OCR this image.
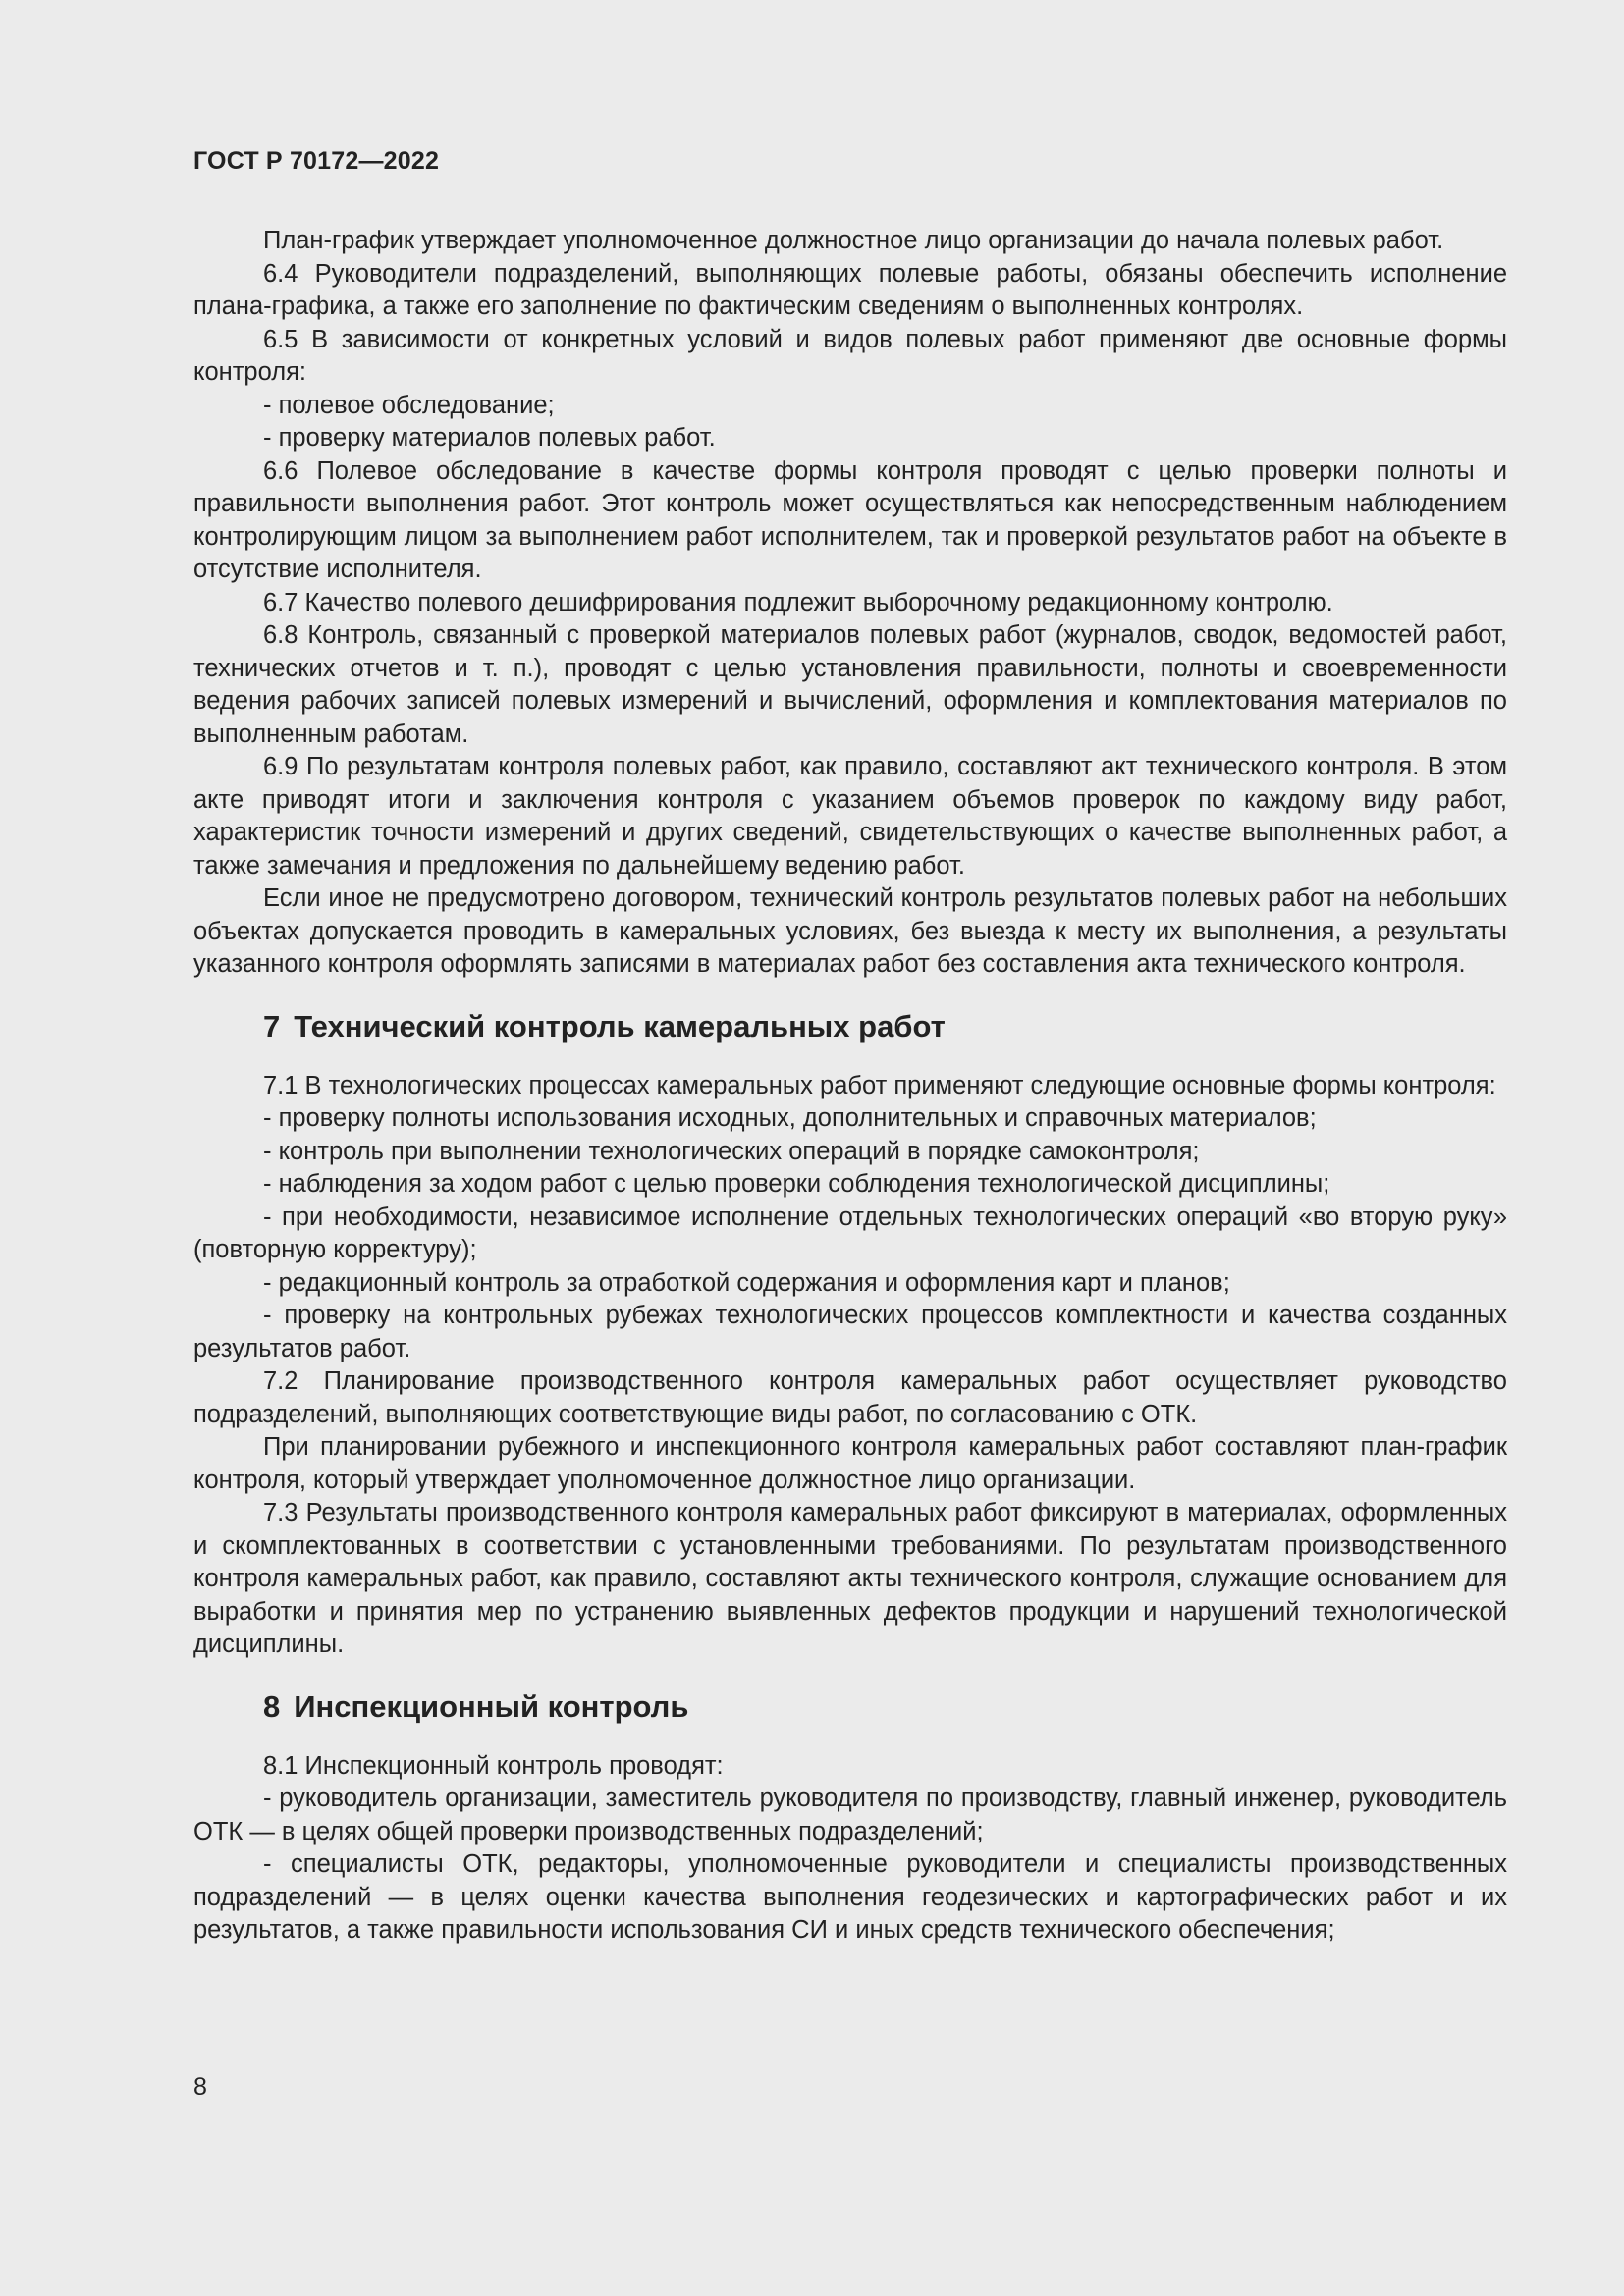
ГОСТ Р 70172—2022

План-график утверждает уполномоченное должностное лицо организации до начала полевых работ.

6.4 Руководители подразделений, выполняющих полевые работы, обязаны обеспечить исполнение плана-графика, а также его заполнение по фактическим сведениям о выполненных контролях.

6.5 В зависимости от конкретных условий и видов полевых работ применяют две основные формы контроля:

- полевое обследование;

- проверку материалов полевых работ.

6.6 Полевое обследование в качестве формы контроля проводят с целью проверки полноты и правильности выполнения работ. Этот контроль может осуществляться как непосредственным наблюдением контролирующим лицом за выполнением работ исполнителем, так и проверкой результатов работ на объекте в отсутствие исполнителя.

6.7 Качество полевого дешифрирования подлежит выборочному редакционному контролю.

6.8 Контроль, связанный с проверкой материалов полевых работ (журналов, сводок, ведомостей работ, технических отчетов и т. п.), проводят с целью установления правильности, полноты и своевременности ведения рабочих записей полевых измерений и вычислений, оформления и комплектования материалов по выполненным работам.

6.9 По результатам контроля полевых работ, как правило, составляют акт технического контроля. В этом акте приводят итоги и заключения контроля с указанием объемов проверок по каждому виду работ, характеристик точности измерений и других сведений, свидетельствующих о качестве выполненных работ, а также замечания и предложения по дальнейшему ведению работ.

Если иное не предусмотрено договором, технический контроль результатов полевых работ на небольших объектах допускается проводить в камеральных условиях, без выезда к месту их выполнения, а результаты указанного контроля оформлять записями в материалах работ без составления акта технического контроля.

7 Технический контроль камеральных работ

7.1 В технологических процессах камеральных работ применяют следующие основные формы контроля:

- проверку полноты использования исходных, дополнительных и справочных материалов;

- контроль при выполнении технологических операций в порядке самоконтроля;

- наблюдения за ходом работ с целью проверки соблюдения технологической дисциплины;

- при необходимости, независимое исполнение отдельных технологических операций «во вторую руку» (повторную корректуру);

- редакционный контроль за отработкой содержания и оформления карт и планов;

- проверку на контрольных рубежах технологических процессов комплектности и качества созданных результатов работ.

7.2 Планирование производственного контроля камеральных работ осуществляет руководство подразделений, выполняющих соответствующие виды работ, по согласованию с ОТК.

При планировании рубежного и инспекционного контроля камеральных работ составляют план-график контроля, который утверждает уполномоченное должностное лицо организации.

7.3 Результаты производственного контроля камеральных работ фиксируют в материалах, оформленных и скомплектованных в соответствии с установленными требованиями. По результатам производственного контроля камеральных работ, как правило, составляют акты технического контроля, служащие основанием для выработки и принятия мер по устранению выявленных дефектов продукции и нарушений технологической дисциплины.

8 Инспекционный контроль

8.1 Инспекционный контроль проводят:

- руководитель организации, заместитель руководителя по производству, главный инженер, руководитель ОТК — в целях общей проверки производственных подразделений;

- специалисты ОТК, редакторы, уполномоченные руководители и специалисты производственных подразделений — в целях оценки качества выполнения геодезических и картографических работ и их результатов, а также правильности использования СИ и иных средств технического обеспечения;

8
